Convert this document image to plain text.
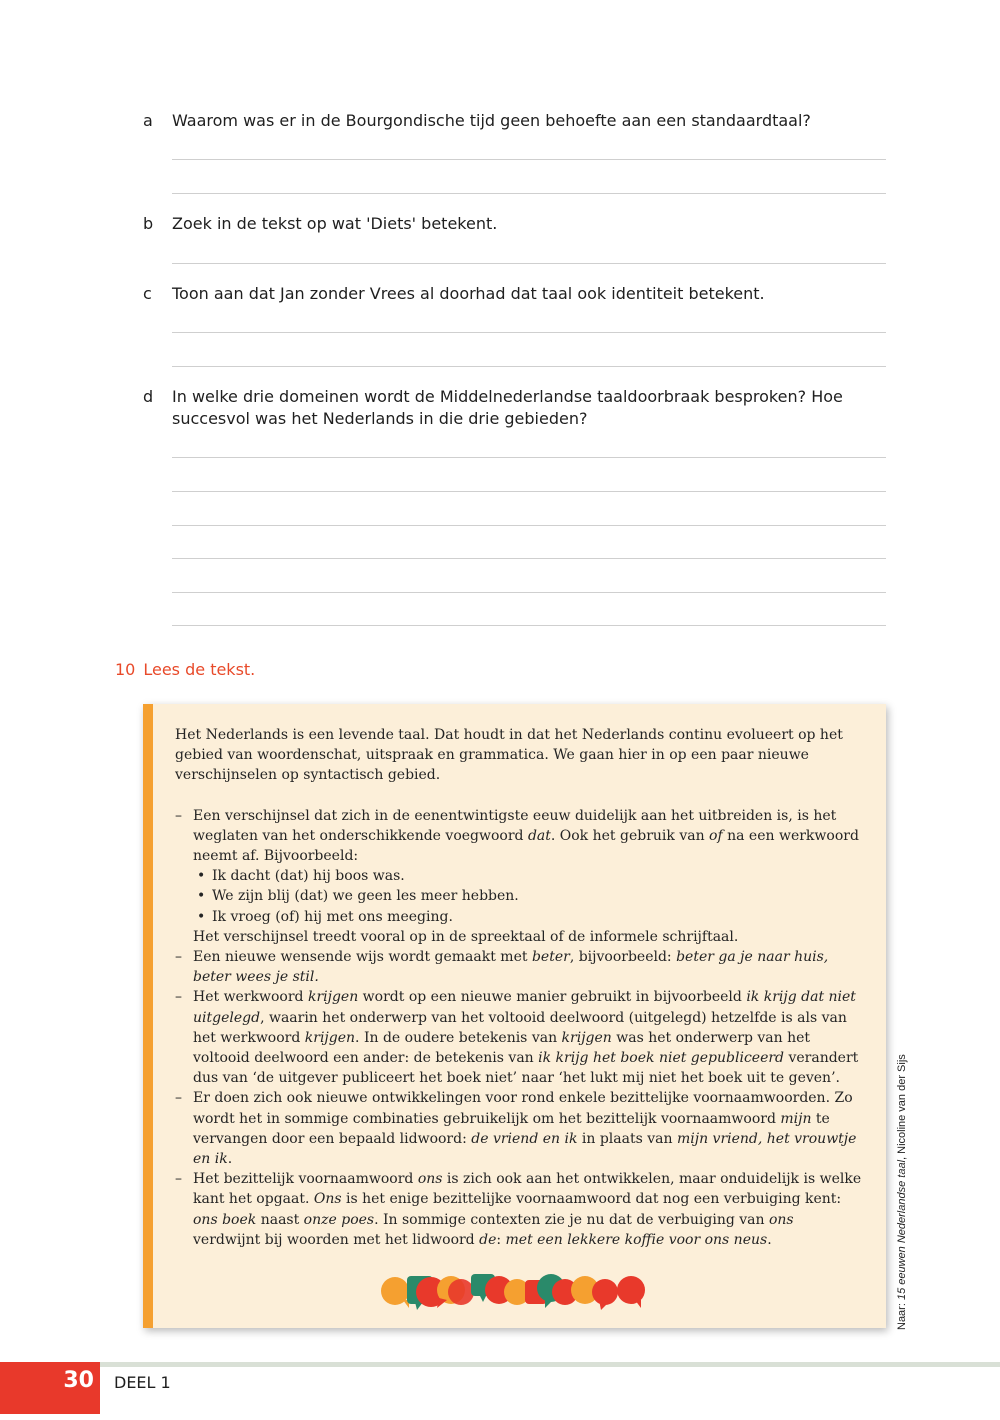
a Waarom was er in de Bourgondische tijd geen behoefte aan een standaardtaal?
b Zoek in de tekst op wat 'Diets' betekent.
c Toon aan dat Jan zonder Vrees al doorhad dat taal ook identiteit betekent.
d In welke drie domeinen wordt de Middelnederlandse taaldoorbraak besproken? Hoe succesvol was het Nederlands in die drie gebieden?
10 Lees de tekst.

Het Nederlands is een levende taal. Dat houdt in dat het Nederlands continu evolueert op het gebied van woordenschat, uitspraak en grammatica. We gaan hier in op een paar nieuwe verschijnselen op syntactisch gebied.

– Een verschijnsel dat zich in de eenentwintigste eeuw duidelijk aan het uitbreiden is, is het weglaten van het onderschikkende voegwoord dat. Ook het gebruik van of na een werkwoord neemt af. Bijvoorbeeld:

• Ik dacht (dat) hij boos was.
• We zijn blij (dat) we geen les meer hebben.
• Ik vroeg (of) hij met ons meeging.

Het verschijnsel treedt vooral op in de spreektaal of de informele schrijftaal.

– Een nieuwe wensende wijs wordt gemaakt met beter, bijvoorbeeld: beter ga je naar huis, beter wees je stil.

– Het werkwoord krijgen wordt op een nieuwe manier gebruikt in bijvoorbeeld ik krijg dat niet uitgelegd, waarin het onderwerp van het voltooid deelwoord (uitgelegd) hetzelfde is als van het werkwoord krijgen. In de oudere betekenis van krijgen was het onderwerp van het voltooid deelwoord een ander: de betekenis van ik krijg het boek niet gepubliceerd verandert dus van ‘de uitgever publiceert het boek niet’ naar ‘het lukt mij niet het boek uit te geven’.

– Er doen zich ook nieuwe ontwikkelingen voor rond enkele bezittelijke voornaamwoorden. Zo wordt het in sommige combinaties gebruikelijk om het bezittelijk voornaamwoord mijn te vervangen door een bepaald lidwoord: de vriend en ik in plaats van mijn vriend, het vrouwtje en ik.

– Het bezittelijk voornaamwoord ons is zich ook aan het ontwikkelen, maar onduidelijk is welke kant het opgaat. Ons is het enige bezittelijke voornaamwoord dat nog een verbuiging kent: ons boek naast onze poes. In sommige contexten zie je nu dat de verbuiging van ons verdwijnt bij woorden met het lidwoord de: met een lekkere koffie voor ons neus.

Naar: 15 eeuwen Nederlandse taal, Nicoline van der Sijs
30	DEEL 1
